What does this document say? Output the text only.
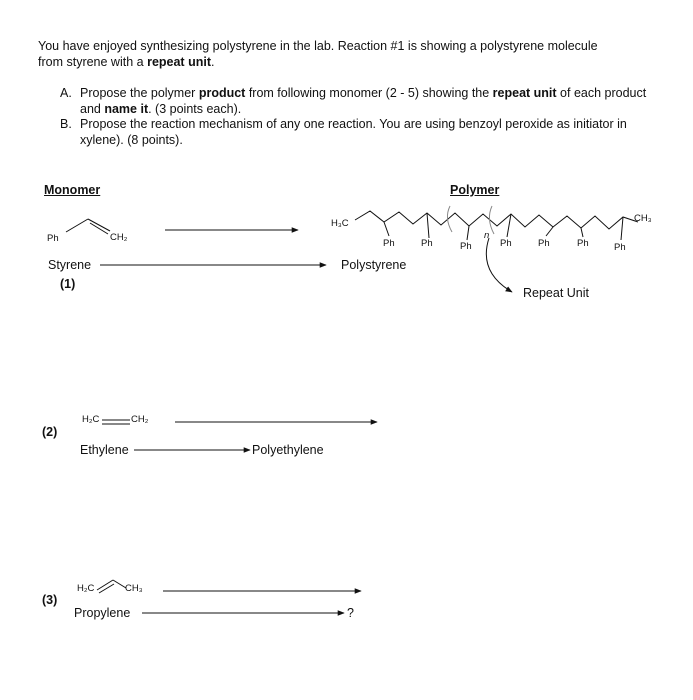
You have enjoyed synthesizing polystyrene in the lab. Reaction #1 is showing a polystyrene molecule
from styrene with a repeat unit.
A. Propose the polymer product from following monomer (2 - 5) showing the repeat unit of each product and name it. (3 points each).
B. Propose the reaction mechanism of any one reaction. You are using benzoyl peroxide as initiator in xylene). (8 points).
Monomer	Polymer
Ph	CH₂
Styrene
(1)
Polystyrene
H₃C	CH₃
n
Ph	Ph	Ph	Ph	Ph	Ph	Ph
Repeat Unit
H₂C	CH₂
(2)
Ethylene	Polyethylene
H₂C	CH₃
(3)
Propylene	?
